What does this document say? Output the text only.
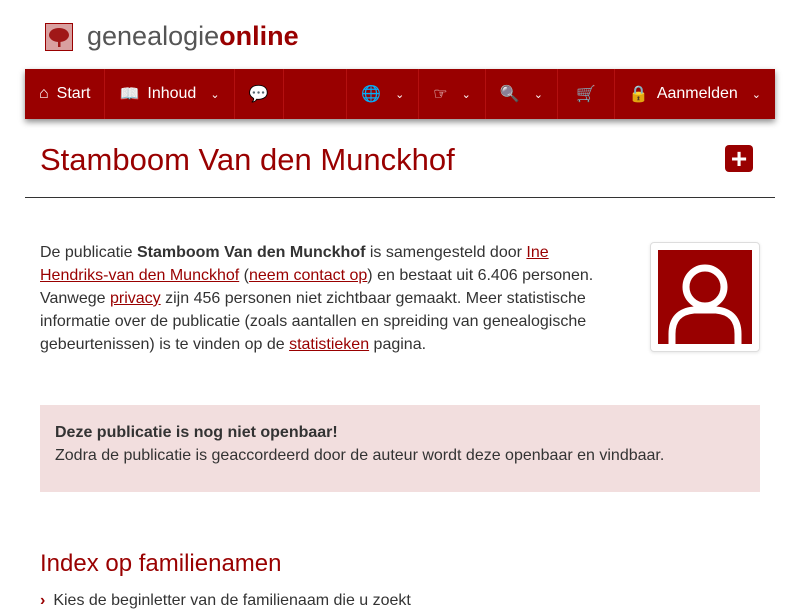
genealogieonline
⌂ Start 📖 Inhoud ⌄ 💬	🌐 ⌄ ☞ ⌄ 🔍 ⌄ 🛒 🔒 Aanmelden ⌄
Stamboom Van den Munckhof	+

De publicatie Stamboom Van den Munckhof is samengesteld door Ine Hendriks-van den Munckhof (neem contact op) en bestaat uit 6.406 personen. Vanwege privacy zijn 456 personen niet zichtbaar gemaakt. Meer statistische informatie over de publicatie (zoals aantallen en spreiding van genealogische gebeurtenissen) is te vinden op de statistieken pagina.

Deze publicatie is nog niet openbaar!
Zodra de publicatie is geaccordeerd door de auteur wordt deze openbaar en vindbaar.
Index op familienamen
› Kies de beginletter van de familienaam die u zoekt
